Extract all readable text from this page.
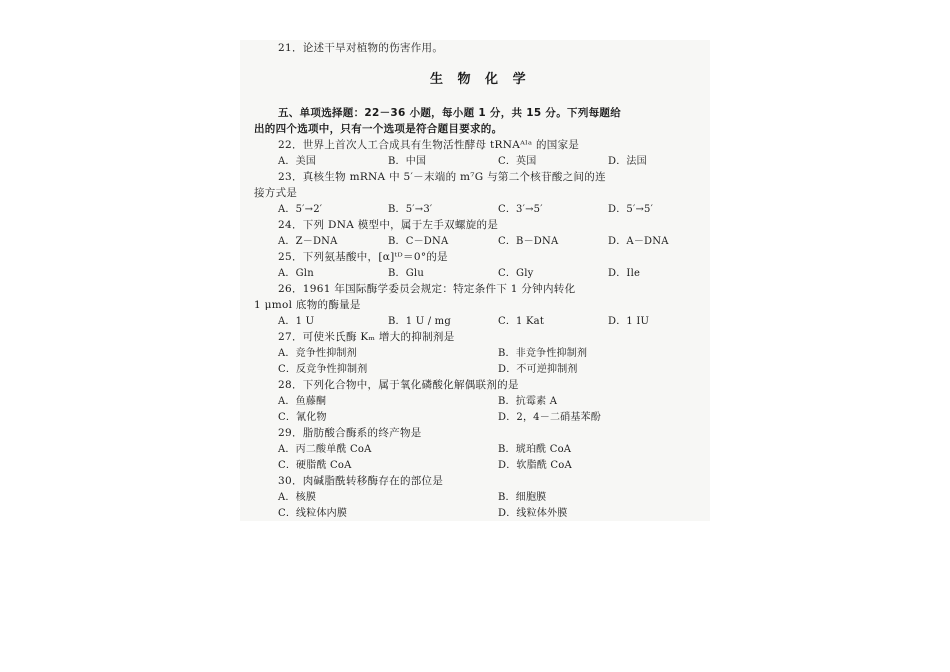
21．论述干旱对植物的伤害作用。
生 物 化 学
五、单项选择题：22－36 小题，每小题 1 分，共 15 分。下列每题给
出的四个选项中，只有一个选项是符合题目要求的。
22．世界上首次人工合成具有生物活性酵母 tRNAᴬˡᵃ 的国家是
A．美国	B．中国	C．英国	D．法国
23．真核生物 mRNA 中 5′－末端的 m⁷G 与第二个核苷酸之间的连
接方式是
A．5′→2′	B．5′→3′	C．3′→5′	D．5′→5′
24．下列 DNA 模型中，属于左手双螺旋的是
A．Z－DNA	B．C－DNA	C．B－DNA	D．A－DNA
25．下列氨基酸中，[α]ᵗᴰ＝0°的是
A．Gln	B．Glu	C．Gly	D．Ile
26．1961 年国际酶学委员会规定：特定条件下 1 分钟内转化
1 μmol 底物的酶量是
A．1 U	B．1 U / mg	C．1 Kat	D．1 IU
27．可使米氏酶 Kₘ 增大的抑制剂是
A．竞争性抑制剂	B．非竞争性抑制剂
C．反竞争性抑制剂	D．不可逆抑制剂
28．下列化合物中，属于氧化磷酸化解偶联剂的是
A．鱼藤酮	B．抗霉素 A
C．氰化物	D．2，4－二硝基苯酚
29．脂肪酸合酶系的终产物是
A．丙二酸单酰 CoA	B．琥珀酰 CoA
C．硬脂酰 CoA	D．软脂酰 CoA
30．肉碱脂酰转移酶存在的部位是
A．核膜	B．细胞膜
C．线粒体内膜	D．线粒体外膜
